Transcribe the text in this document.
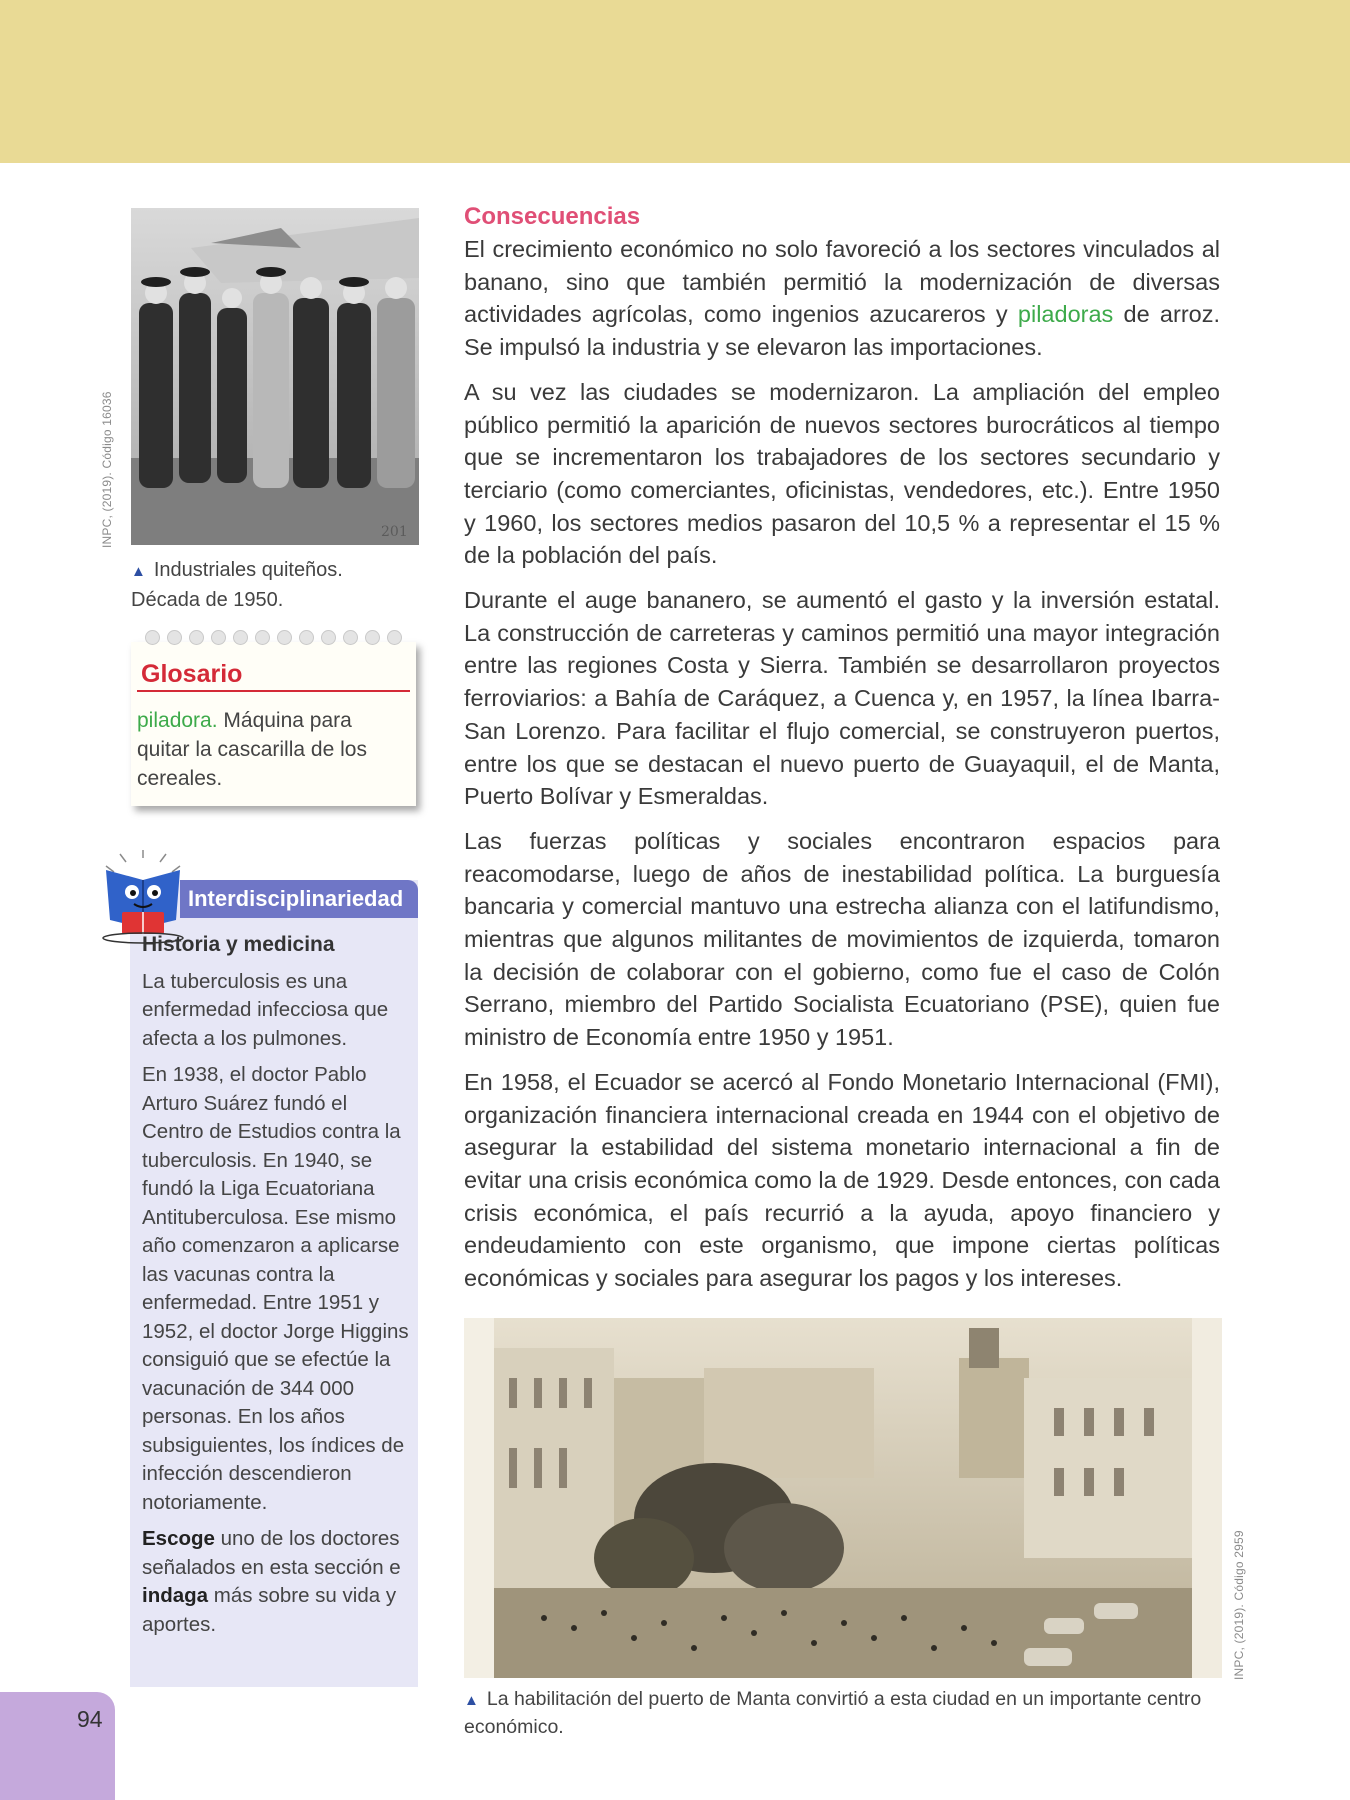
INPC, (2019). Código 16036	201
▲ Industriales quiteños.
Década de 1950.
Glosario
piladora. Máquina para quitar la cascarilla de los cereales.
Interdisciplinariedad
Historia y medicina

La tuberculosis es una enfermedad infecciosa que afecta a los pulmones.

En 1938, el doctor Pablo Arturo Suárez fundó el Centro de Estudios contra la tuberculosis. En 1940, se fundó la Liga Ecuatoriana Antituberculosa. Ese mismo año comenzaron a aplicarse las vacunas contra la enfermedad. Entre 1951 y 1952, el doctor Jorge Higgins consiguió que se efectúe la vacunación de 344 000 personas. En los años subsiguientes, los índices de infección descendieron notoriamente.

Escoge uno de los doctores señalados en esta sección e indaga más sobre su vida y aportes.

94
Consecuencias

El crecimiento económico no solo favoreció a los sectores vinculados al banano, sino que también permitió la modernización de diversas actividades agrícolas, como ingenios azucareros y piladoras de arroz. Se impulsó la industria y se elevaron las importaciones.

A su vez las ciudades se modernizaron. La ampliación del empleo público permitió la aparición de nuevos sectores burocráticos al tiempo que se incrementaron los trabajadores de los sectores secundario y terciario (como comerciantes, oficinistas, vendedores, etc.). Entre 1950 y 1960, los sectores medios pasaron del 10,5 % a representar el 15 % de la población del país.

Durante el auge bananero, se aumentó el gasto y la inversión estatal. La construcción de carreteras y caminos permitió una mayor integración entre las regiones Costa y Sierra. También se desarrollaron proyectos ferroviarios: a Bahía de Caráquez, a Cuenca y, en 1957, la línea Ibarra-San Lorenzo. Para facilitar el flujo comercial, se construyeron puertos, entre los que se destacan el nuevo puerto de Guayaquil, el de Manta, Puerto Bolívar y Esmeraldas.

Las fuerzas políticas y sociales encontraron espacios para reacomodarse, luego de años de inestabilidad política. La burguesía bancaria y comercial mantuvo una estrecha alianza con el latifundismo, mientras que algunos militantes de movimientos de izquierda, tomaron la decisión de colaborar con el gobierno, como fue el caso de Colón Serrano, miembro del Partido Socialista Ecuatoriano (PSE), quien fue ministro de Economía entre 1950 y 1951.

En 1958, el Ecuador se acercó al Fondo Monetario Internacional (FMI), organización financiera internacional creada en 1944 con el objetivo de asegurar la estabilidad del sistema monetario internacional a fin de evitar una crisis económica como la de 1929. Desde entonces, con cada crisis económica, el país recurrió a la ayuda, apoyo financiero y endeudamiento con este organismo, que impone ciertas políticas económicas y sociales para asegurar los pagos y los intereses.

INPC, (2019). Código 2959
▲ La habilitación del puerto de Manta convirtió a esta ciudad en un importante centro económico.
